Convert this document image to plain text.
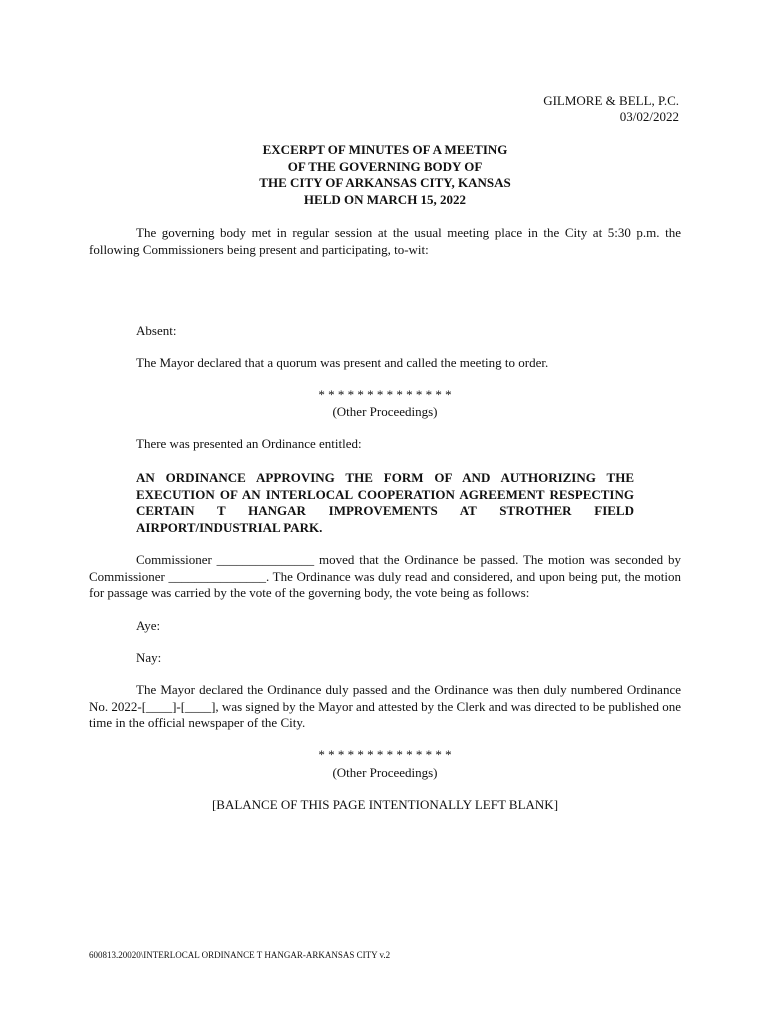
GILMORE & BELL, P.C.
03/02/2022
EXCERPT OF MINUTES OF A MEETING
OF THE GOVERNING BODY OF
THE CITY OF ARKANSAS CITY, KANSAS
HELD ON MARCH 15, 2022
The governing body met in regular session at the usual meeting place in the City at 5:30 p.m. the following Commissioners being present and participating, to-wit:
Absent:
The Mayor declared that a quorum was present and called the meeting to order.
* * * * * * * * * * * * * *
(Other Proceedings)
There was presented an Ordinance entitled:
AN ORDINANCE APPROVING THE FORM OF AND AUTHORIZING THE EXECUTION OF AN INTERLOCAL COOPERATION AGREEMENT RESPECTING CERTAIN T HANGAR IMPROVEMENTS AT STROTHER FIELD AIRPORT/INDUSTRIAL PARK.
Commissioner _______________ moved that the Ordinance be passed. The motion was seconded by Commissioner _______________. The Ordinance was duly read and considered, and upon being put, the motion for passage was carried by the vote of the governing body, the vote being as follows:
Aye:
Nay:
The Mayor declared the Ordinance duly passed and the Ordinance was then duly numbered Ordinance No. 2022-[____]-[____], was signed by the Mayor and attested by the Clerk and was directed to be published one time in the official newspaper of the City.
* * * * * * * * * * * * * *
(Other Proceedings)
[BALANCE OF THIS PAGE INTENTIONALLY LEFT BLANK]
600813.20020\INTERLOCAL ORDINANCE T HANGAR-ARKANSAS CITY v.2
